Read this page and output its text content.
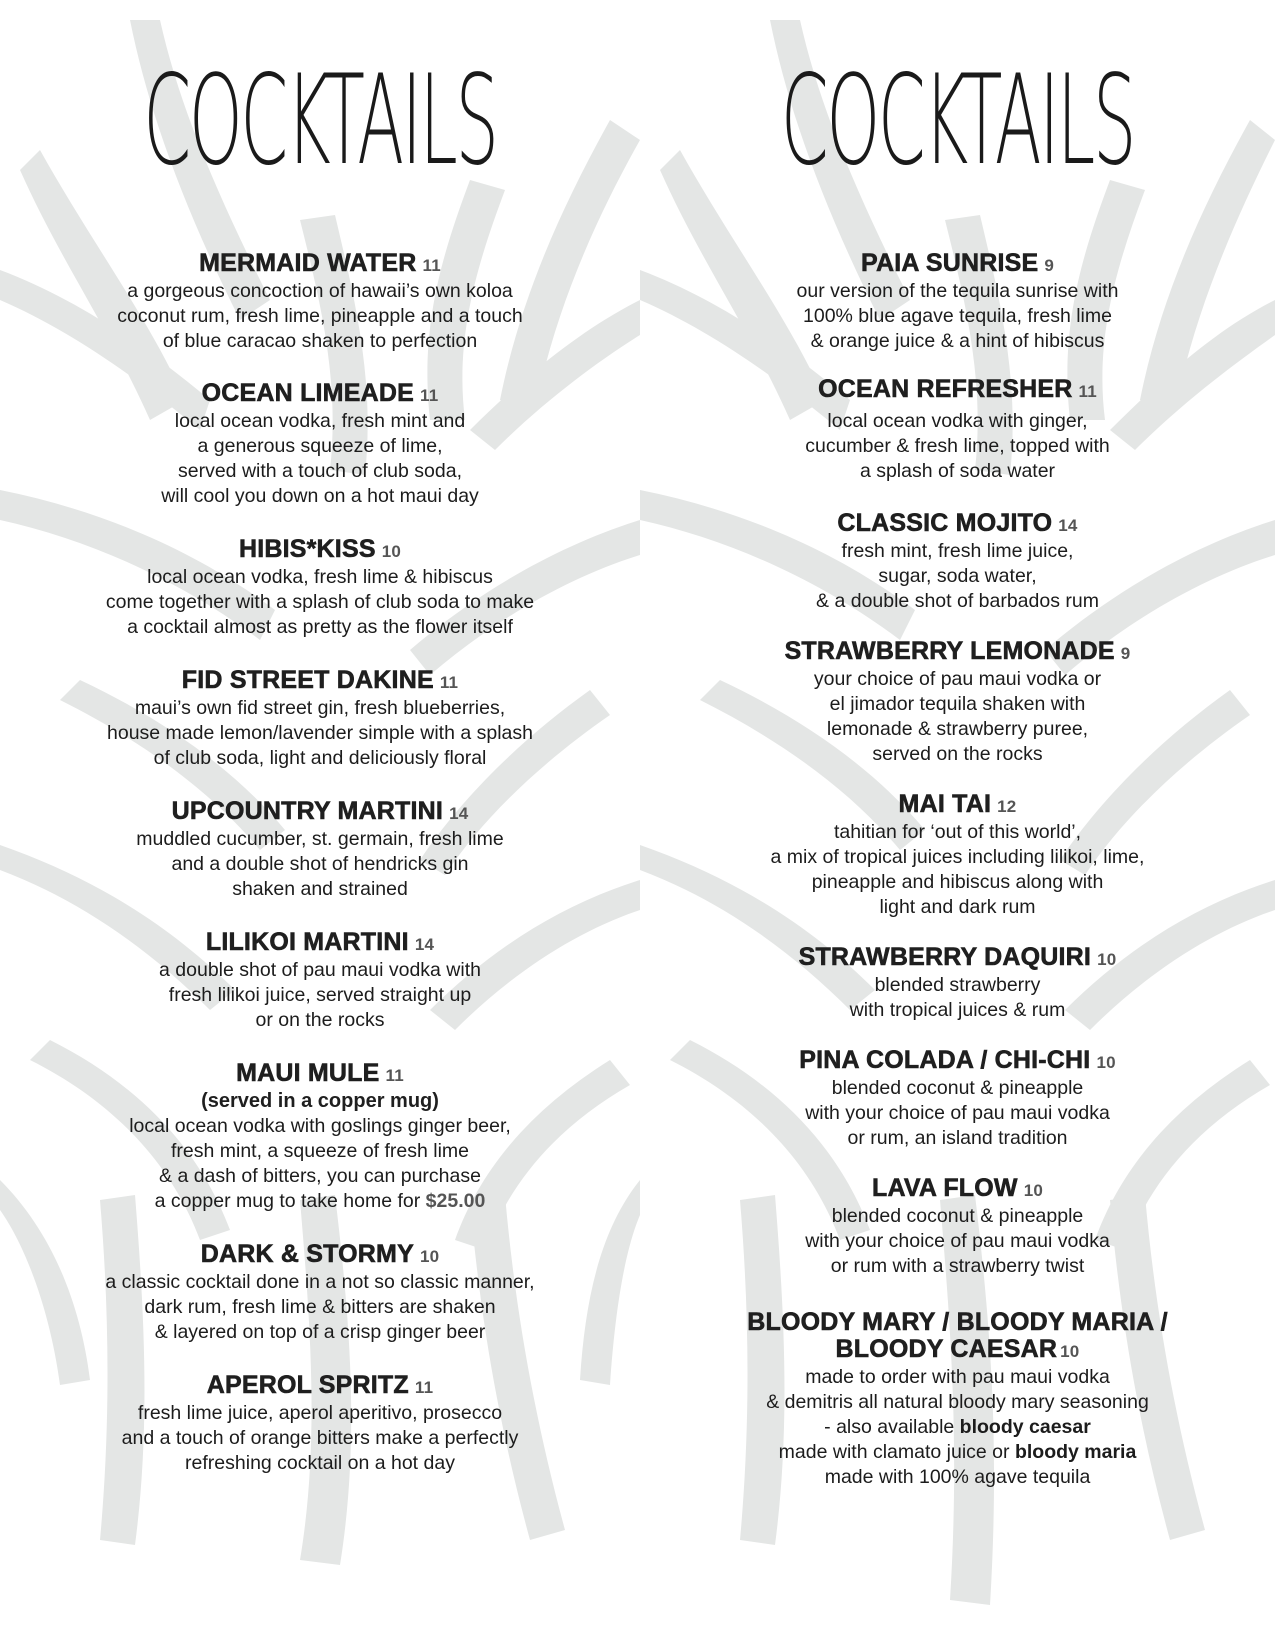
COCKTAILS
MERMAID WATER 11
a gorgeous concoction of hawaii’s own koloa
coconut rum, fresh lime, pineapple and a touch
of blue caracao shaken to perfection
OCEAN LIMEADE 11
local ocean vodka, fresh mint and
a generous squeeze of lime,
served with a touch of club soda,
will cool you down on a hot maui day
HIBIS*KISS 10
local ocean vodka, fresh lime & hibiscus
come together with a splash of club soda to make
a cocktail almost as pretty as the flower itself
FID STREET DAKINE 11
maui’s own fid street gin, fresh blueberries,
house made lemon/lavender simple with a splash
of club soda, light and deliciously floral
UPCOUNTRY MARTINI 14
muddled cucumber, st. germain, fresh lime
and a double shot of hendricks gin
shaken and strained
LILIKOI MARTINI 14
a double shot of pau maui vodka with
fresh lilikoi juice, served straight up
or on the rocks
MAUI MULE 11
(served in a copper mug)
local ocean vodka with goslings ginger beer,
fresh mint, a squeeze of fresh lime
& a dash of bitters, you can purchase
a copper mug to take home for $25.00
DARK & STORMY 10
a classic cocktail done in a not so classic manner,
dark rum, fresh lime & bitters are shaken
& layered on top of a crisp ginger beer
APEROL SPRITZ 11
fresh lime juice, aperol aperitivo, prosecco
and a touch of orange bitters make a perfectly
refreshing cocktail on a hot day
COCKTAILS
PAIA SUNRISE 9
our version of the tequila sunrise with
100% blue agave tequila, fresh lime
& orange juice & a hint of hibiscus
OCEAN REFRESHER 11
local ocean vodka with ginger,
cucumber & fresh lime, topped with
a splash of soda water
CLASSIC MOJITO 14
fresh mint, fresh lime juice,
sugar, soda water,
& a double shot of barbados rum
STRAWBERRY LEMONADE 9
your choice of pau maui vodka or
el jimador tequila shaken with
lemonade & strawberry puree,
served on the rocks
MAI TAI 12
tahitian for ‘out of this world’,
a mix of tropical juices including lilikoi, lime,
pineapple and hibiscus along with
light and dark rum
STRAWBERRY DAQUIRI 10
blended strawberry
with tropical juices & rum
PINA COLADA / CHI-CHI 10
blended coconut & pineapple
with your choice of pau maui vodka
or rum, an island tradition
LAVA FLOW 10
blended coconut & pineapple
with your choice of pau maui vodka
or rum with a strawberry twist
BLOODY MARY / BLOODY MARIA /
BLOODY CAESAR 10
made to order with pau maui vodka
& demitris all natural bloody mary seasoning
- also available bloody caesar
made with clamato juice or bloody maria
made with 100% agave tequila
